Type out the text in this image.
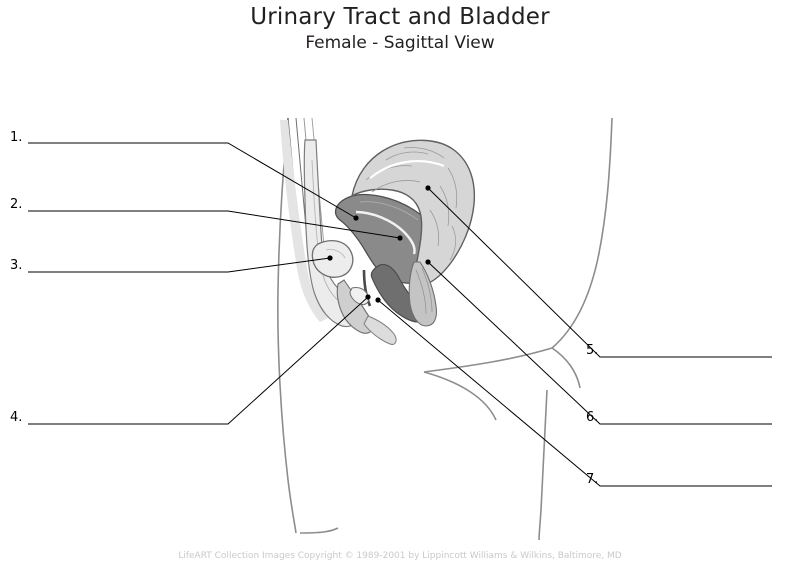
Urinary Tract and Bladder
Female - Sagittal View
1.
2.
3.
4.
5.
6.
7.
LifeART Collection Images Copyright © 1989-2001 by Lippincott Williams & Wilkins, Baltimore, MD
